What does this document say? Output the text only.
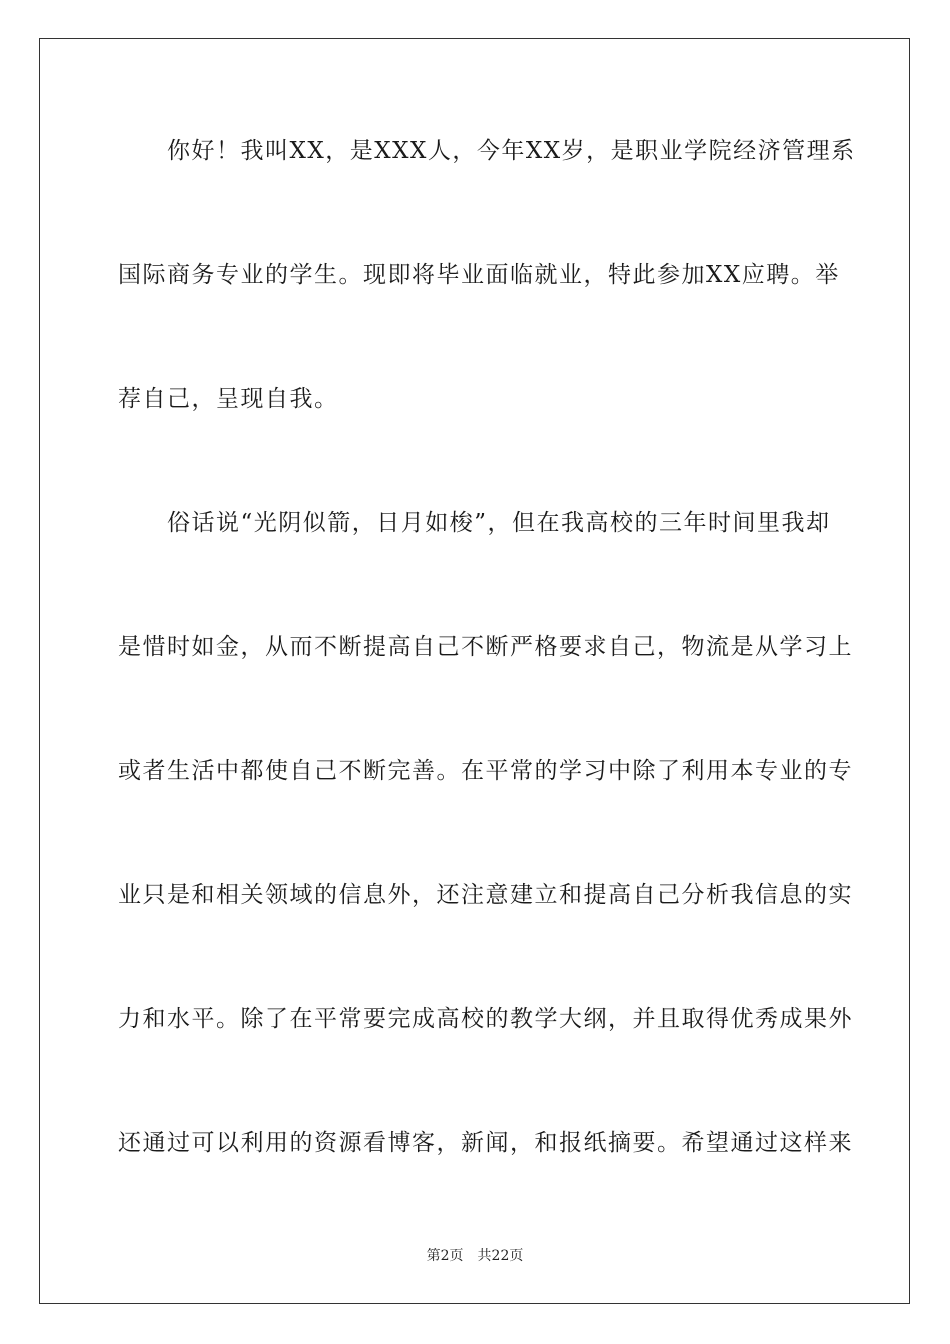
　　你好！我叫XX，是XXX人，今年XX岁，是职业学院经济管理系
国际商务专业的学生。现即将毕业面临就业，特此参加XX应聘。举
荐自己，呈现自我。
　　俗话说“光阴似箭，日月如梭”，但在我高校的三年时间里我却
是惜时如金，从而不断提高自己不断严格要求自己，物流是从学习上
或者生活中都使自己不断完善。在平常的学习中除了利用本专业的专
业只是和相关领域的信息外，还注意建立和提高自己分析我信息的实
力和水平。除了在平常要完成高校的教学大纲，并且取得优秀成果外
还通过可以利用的资源看博客，新闻，和报纸摘要。希望通过这样来
第2页 共22页
